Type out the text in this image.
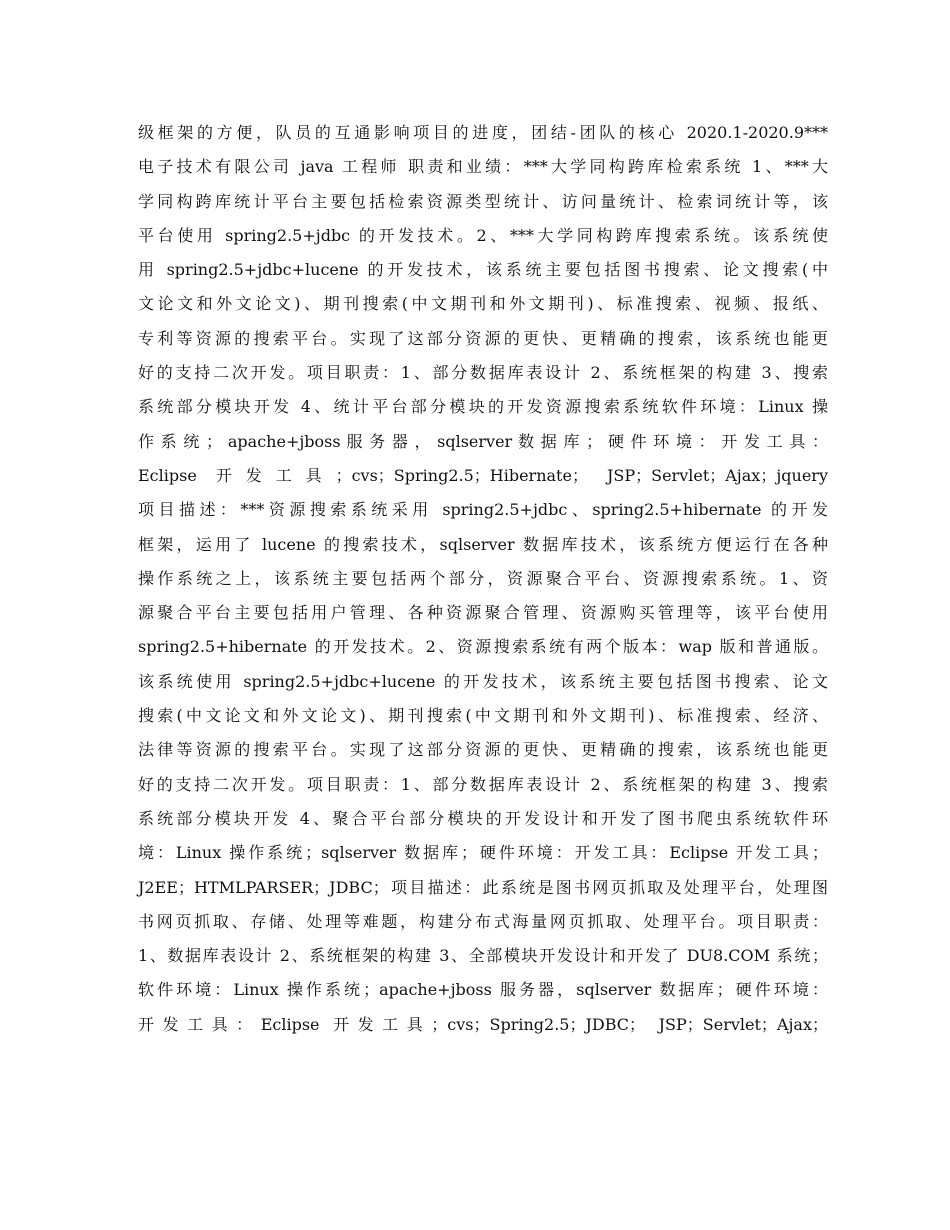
级框架的方便，队员的互通影响项目的进度，团结-团队的核心 2020.1-2020.9***
电子技术有限公司 java 工程师 职责和业绩：***大学同构跨库检索系统 1、***大
学同构跨库统计平台主要包括检索资源类型统计、访问量统计、检索词统计等，该
平台使用 spring2.5+jdbc 的开发技术。2、***大学同构跨库搜索系统。该系统使
用 spring2.5+jdbc+lucene 的开发技术，该系统主要包括图书搜索、论文搜索(中
文论文和外文论文)、期刊搜索(中文期刊和外文期刊)、标准搜索、视频、报纸、
专利等资源的搜索平台。实现了这部分资源的更快、更精确的搜索，该系统也能更
好的支持二次开发。项目职责：1、部分数据库表设计 2、系统框架的构建 3、搜索
系统部分模块开发 4、统计平台部分模块的开发资源搜索系统软件环境：Linux 操
作 系 统 ； apache+jboss 服 务 器 ， sqlserver 数 据 库 ； 硬 件 环 境 ： 开 发 工 具 ：
Eclipse 开发工具；cvs；Spring2.5；Hibernate； JSP；Servlet；Ajax；jquery
项目描述：***资源搜索系统采用 spring2.5+jdbc、spring2.5+hibernate 的开发
框架，运用了 lucene 的搜索技术，sqlserver 数据库技术，该系统方便运行在各种
操作系统之上，该系统主要包括两个部分，资源聚合平台、资源搜索系统。1、资
源聚合平台主要包括用户管理、各种资源聚合管理、资源购买管理等，该平台使用
spring2.5+hibernate 的开发技术。2、资源搜索系统有两个版本：wap 版和普通版。
该系统使用 spring2.5+jdbc+lucene 的开发技术，该系统主要包括图书搜索、论文
搜索(中文论文和外文论文)、期刊搜索(中文期刊和外文期刊)、标准搜索、经济、
法律等资源的搜索平台。实现了这部分资源的更快、更精确的搜索，该系统也能更
好的支持二次开发。项目职责：1、部分数据库表设计 2、系统框架的构建 3、搜索
系统部分模块开发 4、聚合平台部分模块的开发设计和开发了图书爬虫系统软件环
境：Linux 操作系统；sqlserver 数据库；硬件环境：开发工具：Eclipse 开发工具；
J2EE；HTMLPARSER；JDBC；项目描述：此系统是图书网页抓取及处理平台，处理图
书网页抓取、存储、处理等难题，构建分布式海量网页抓取、处理平台。项目职责：
1、数据库表设计 2、系统框架的构建 3、全部模块开发设计和开发了 DU8.COM 系统；
软件环境：Linux 操作系统；apache+jboss 服务器，sqlserver 数据库；硬件环境：
开发工具：Eclipse 开发工具；cvs；Spring2.5；JDBC； JSP；Servlet；Ajax；
